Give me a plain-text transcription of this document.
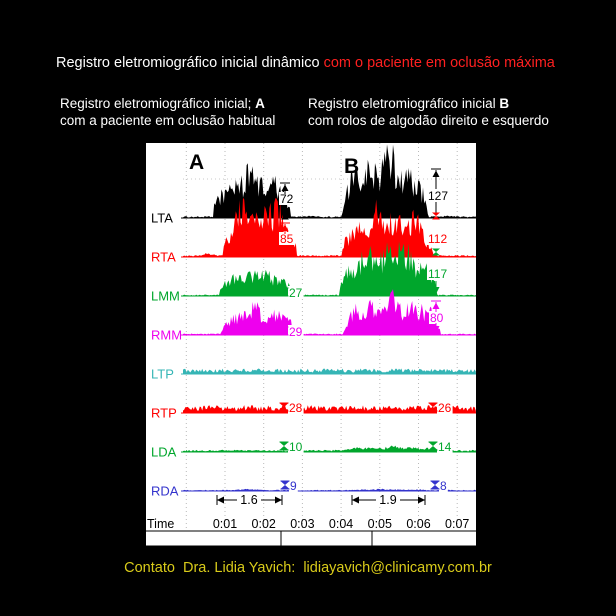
Registro eletromiográfico inicial dinâmico com o paciente em oclusão máxima
Registro eletromiográfico inicial; A
com a paciente em oclusão habitual
Registro eletromiográfico inicial B
com rolos de algodão direito e esquerdo
A	B
LTA
RTA
LMM
RMM
LTP
RTP
LDA
RDA
72
85
27
29
28
10
9
127
112
117
80
26
14
8
1.6	1.9
Time	0:01 0:02 0:03 0:04 0:05 0:06 0:07
Contato  Dra. Lidia Yavich:  lidiayavich@clinicamy.com.br
